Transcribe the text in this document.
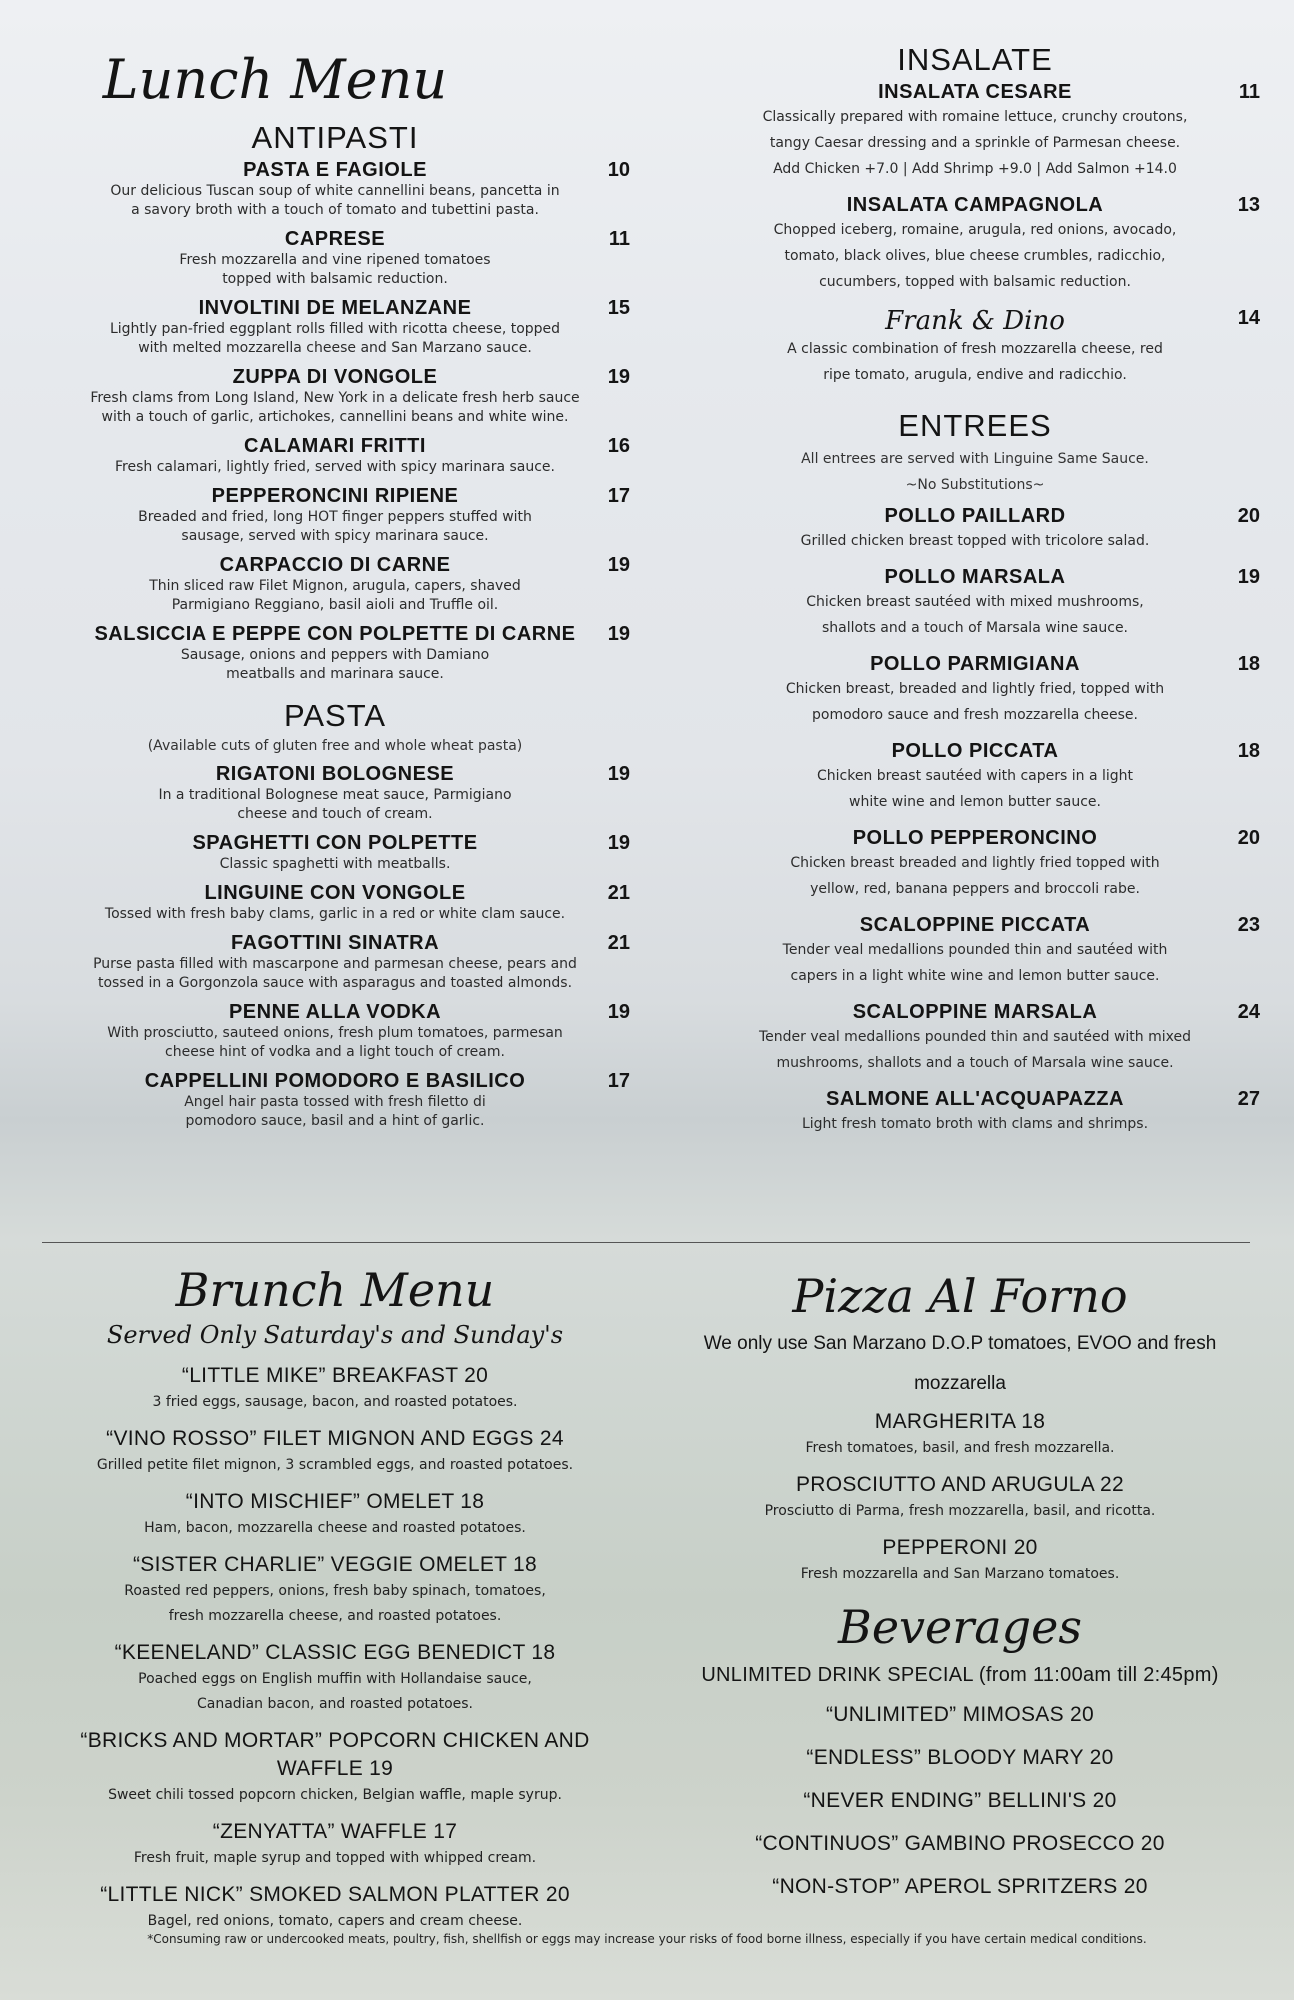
Lunch Menu
ANTIPASTI
PASTA E FAGIOLE	10
Our delicious Tuscan soup of white cannellini beans, pancetta in
a savory broth with a touch of tomato and tubettini pasta.
CAPRESE	11
Fresh mozzarella and vine ripened tomatoes
topped with balsamic reduction.
INVOLTINI DE MELANZANE	15
Lightly pan-fried eggplant rolls filled with ricotta cheese, topped
with melted mozzarella cheese and San Marzano sauce.
ZUPPA DI VONGOLE	19
Fresh clams from Long Island, New York in a delicate fresh herb sauce
with a touch of garlic, artichokes, cannellini beans and white wine.
CALAMARI FRITTI	16
Fresh calamari, lightly fried, served with spicy marinara sauce.
PEPPERONCINI RIPIENE	17
Breaded and fried, long HOT finger peppers stuffed with
sausage, served with spicy marinara sauce.
CARPACCIO DI CARNE	19
Thin sliced raw Filet Mignon, arugula, capers, shaved
Parmigiano Reggiano, basil aioli and Truffle oil.
SALSICCIA E PEPPE CON POLPETTE DI CARNE	19
Sausage, onions and peppers with Damiano
meatballs and marinara sauce.
PASTA
(Available cuts of gluten free and whole wheat pasta)
RIGATONI BOLOGNESE	19
In a traditional Bolognese meat sauce, Parmigiano
cheese and touch of cream.
SPAGHETTI CON POLPETTE	19
Classic spaghetti with meatballs.
LINGUINE CON VONGOLE	21
Tossed with fresh baby clams, garlic in a red or white clam sauce.
FAGOTTINI SINATRA	21
Purse pasta filled with mascarpone and parmesan cheese, pears and
tossed in a Gorgonzola sauce with asparagus and toasted almonds.
PENNE ALLA VODKA	19
With prosciutto, sauteed onions, fresh plum tomatoes, parmesan
cheese hint of vodka and a light touch of cream.
CAPPELLINI POMODORO E BASILICO	17
Angel hair pasta tossed with fresh filetto di
pomodoro sauce, basil and a hint of garlic.
INSALATE
INSALATA CESARE	11
Classically prepared with romaine lettuce, crunchy croutons,
tangy Caesar dressing and a sprinkle of Parmesan cheese.
Add Chicken +7.0 | Add Shrimp +9.0 | Add Salmon +14.0
INSALATA CAMPAGNOLA	13
Chopped iceberg, romaine, arugula, red onions, avocado,
tomato, black olives, blue cheese crumbles, radicchio,
cucumbers, topped with balsamic reduction.
Frank & Dino	14
A classic combination of fresh mozzarella cheese, red
ripe tomato, arugula, endive and radicchio.
ENTREES
All entrees are served with Linguine Same Sauce.
~No Substitutions~
POLLO PAILLARD	20
Grilled chicken breast topped with tricolore salad.
POLLO MARSALA	19
Chicken breast sautéed with mixed mushrooms,
shallots and a touch of Marsala wine sauce.
POLLO PARMIGIANA	18
Chicken breast, breaded and lightly fried, topped with
pomodoro sauce and fresh mozzarella cheese.
POLLO PICCATA	18
Chicken breast sautéed with capers in a light
white wine and lemon butter sauce.
POLLO PEPPERONCINO	20
Chicken breast breaded and lightly fried topped with
yellow, red, banana peppers and broccoli rabe.
SCALOPPINE PICCATA	23
Tender veal medallions pounded thin and sautéed with
capers in a light white wine and lemon butter sauce.
SCALOPPINE MARSALA	24
Tender veal medallions pounded thin and sautéed with mixed
mushrooms, shallots and a touch of Marsala wine sauce.
SALMONE ALL'ACQUAPAZZA	27
Light fresh tomato broth with clams and shrimps.
Brunch Menu
Served Only Saturday's and Sunday's
“LITTLE MIKE” BREAKFAST 20
3 fried eggs, sausage, bacon, and roasted potatoes.
“VINO ROSSO” FILET MIGNON AND EGGS 24
Grilled petite filet mignon, 3 scrambled eggs, and roasted potatoes.
“INTO MISCHIEF” OMELET 18
Ham, bacon, mozzarella cheese and roasted potatoes.
“SISTER CHARLIE” VEGGIE OMELET 18
Roasted red peppers, onions, fresh baby spinach, tomatoes,
fresh mozzarella cheese, and roasted potatoes.
“KEENELAND” CLASSIC EGG BENEDICT 18
Poached eggs on English muffin with Hollandaise sauce,
Canadian bacon, and roasted potatoes.
“BRICKS AND MORTAR” POPCORN CHICKEN AND WAFFLE 19
Sweet chili tossed popcorn chicken, Belgian waffle, maple syrup.
“ZENYATTA” WAFFLE 17
Fresh fruit, maple syrup and topped with whipped cream.
“LITTLE NICK” SMOKED SALMON PLATTER 20
Bagel, red onions, tomato, capers and cream cheese.
Pizza Al Forno
We only use San Marzano D.O.P tomatoes, EVOO and fresh mozzarella
MARGHERITA 18
Fresh tomatoes, basil, and fresh mozzarella.
PROSCIUTTO AND ARUGULA 22
Prosciutto di Parma, fresh mozzarella, basil, and ricotta.
PEPPERONI 20
Fresh mozzarella and San Marzano tomatoes.
Beverages
UNLIMITED DRINK SPECIAL (from 11:00am till 2:45pm)
“UNLIMITED” MIMOSAS 20
“ENDLESS” BLOODY MARY 20
“NEVER ENDING” BELLINI'S 20
“CONTINUOS” GAMBINO PROSECCO 20
“NON-STOP” APEROL SPRITZERS 20
*Consuming raw or undercooked meats, poultry, fish, shellfish or eggs may increase your risks of food borne illness, especially if you have certain medical conditions.
